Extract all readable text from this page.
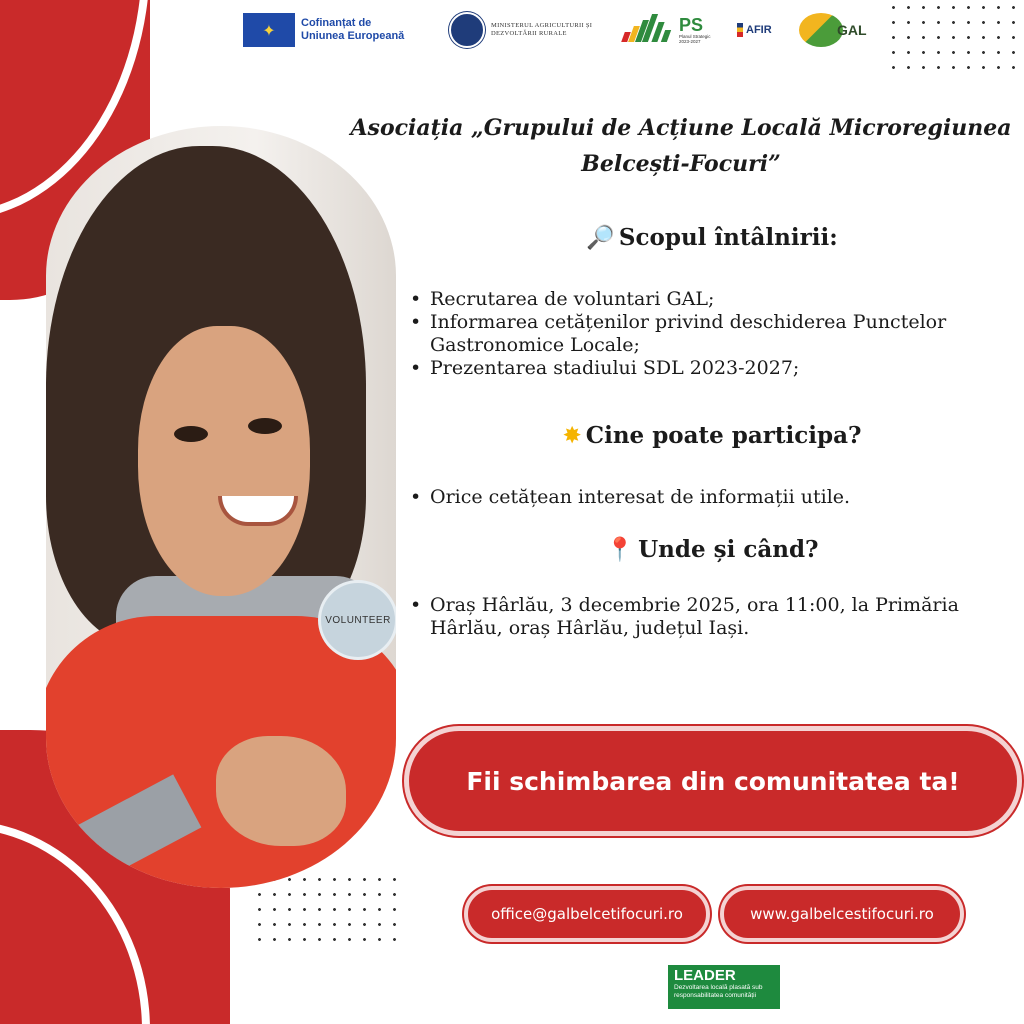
✦	Cofinanțat de
Uniunea Europeană
MINISTERUL AGRICULTURII ȘI
DEZVOLTĂRII RURALE	PS
Planul Strategic
2023-2027
AFIR	GAL
VOLUNTEER
Asociația „Grupului de Acțiune Locală Microregiunea Belcești-Focuri”
🔎 Scopul întâlnirii:
• Recrutarea de voluntari GAL;
• Informarea cetățenilor privind deschiderea Punctelor Gastronomice Locale;
• Prezentarea stadiului SDL 2023-2027;
✸ Cine poate participa?
• Orice cetățean interesat de informații utile.
📍 Unde și când?
• Oraș Hârlău, 3 decembrie 2025, ora 11:00, la Primăria Hârlău, oraș Hârlău, județul Iași.
Fii schimbarea din comunitatea ta!
office@galbelcetifocuri.ro	www.galbelcestifocuri.ro
LEADER
Dezvoltarea locală plasată sub
responsabilitatea comunității
